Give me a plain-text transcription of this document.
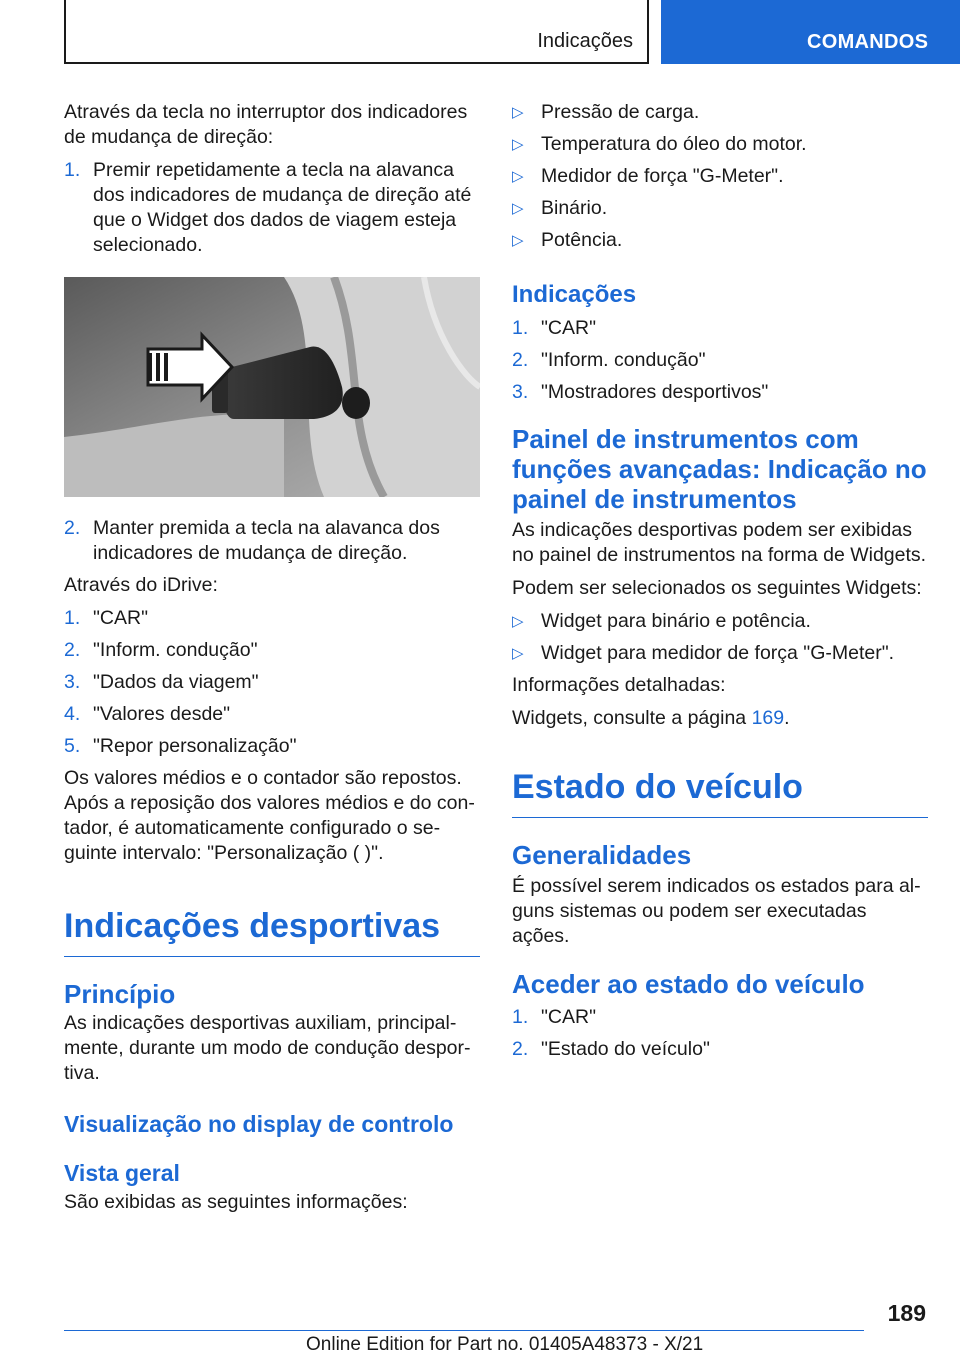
Indicações	COMANDOS

Através da tecla no interruptor dos indicadores de mudança de direção:

1. Premir repetidamente a tecla na alavanca dos indicadores de mudança de direção até que o Widget dos dados de viagem esteja selecionado.
2. Manter premida a tecla na alavanca dos indicadores de mudança de direção.

Através do iDrive:

1. "CAR"
2. "Inform. condução"
3. "Dados da viagem"
4. "Valores desde"
5. "Repor personalização"

Os valores médios e o contador são repostos. Após a reposição dos valores médios e do contador, é automaticamente configurado o seguinte intervalo: "Personalização ( )".

Indicações desportivas
Princípio

As indicações desportivas auxiliam, principalmente, durante um modo de condução desportiva.

Visualização no display de controlo
Vista geral

São exibidas as seguintes informações:

▷ Pressão de carga.
▷ Temperatura do óleo do motor.
▷ Medidor de força "G-Meter".
▷ Binário.
▷ Potência.
Indicações
1. "CAR"
2. "Inform. condução"
3. "Mostradores desportivos"
Painel de instrumentos com funções avançadas: Indicação no painel de instrumentos

As indicações desportivas podem ser exibidas no painel de instrumentos na forma de Widgets.

Podem ser selecionados os seguintes Widgets:

▷ Widget para binário e potência.
▷ Widget para medidor de força "G-Meter".

Informações detalhadas:

Widgets, consulte a página 169.

Estado do veículo
Generalidades

É possível serem indicados os estados para alguns sistemas ou podem ser executadas ações.

Aceder ao estado do veículo
1. "CAR"
2. "Estado do veículo"
189
Online Edition for Part no. 01405A48373 - X/21
